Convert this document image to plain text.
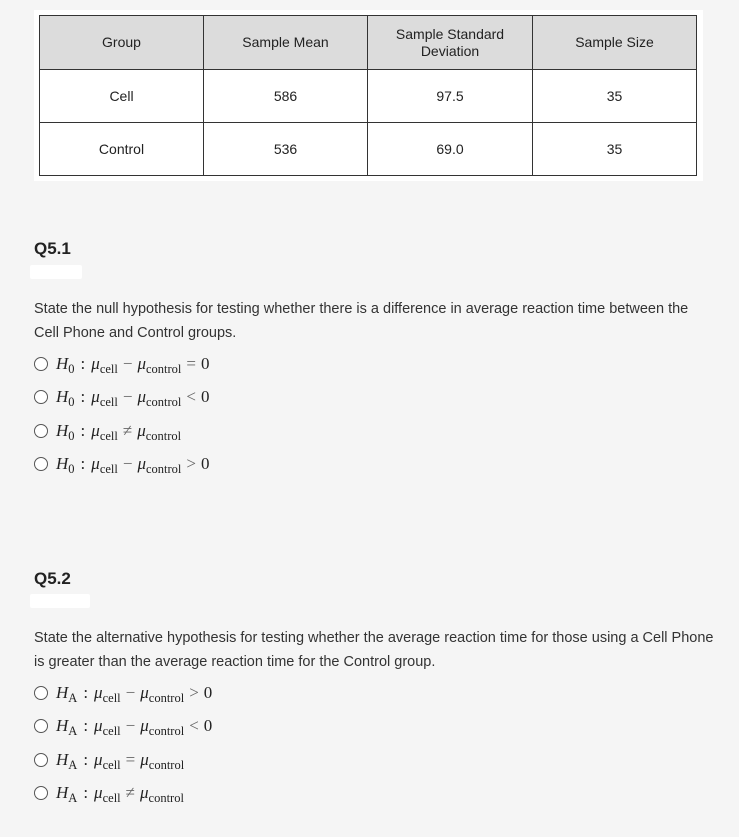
Group	Sample Mean	Sample Standard Deviation	Sample Size
Cell	586	97.5	35
Control	536	69.0	35
Q5.1
State the null hypothesis for testing whether there is a difference in average reaction time between the Cell Phone and Control groups.
$H_0$ : $\mu_{cell} - \mu_{control} = 0$
$H_0$ : $\mu_{cell} - \mu_{control} < 0$
$H_0$ : $\mu_{cell} \ne \mu_{control}$
$H_0$ : $\mu_{cell} - \mu_{control} > 0$
Q5.2
State the alternative hypothesis for testing whether the average reaction time for those using a Cell Phone is greater than the average reaction time for the Control group.
$H_A$ : $\mu_{cell} - \mu_{control} > 0$
$H_A$ : $\mu_{cell} - \mu_{control} < 0$
$H_A$ : $\mu_{cell} = \mu_{control}$
$H_A$ : $\mu_{cell} \ne \mu_{control}$
